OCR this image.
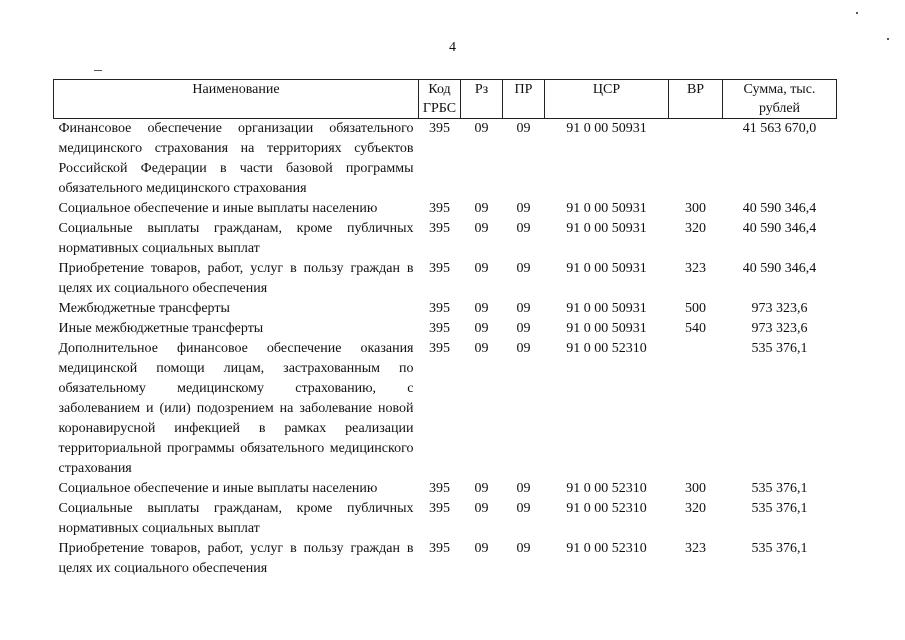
4
Наименование	Код ГРБС	Рз	ПР	ЦСР	ВР	Сумма, тыс. рублей
Финансовое обеспечение организации обязательного медицинского страхования на территориях субъектов Российской Федерации в части базовой программы обязательного медицинского страхования	395	09	09	91 0 00 50931		41 563 670,0
Социальное обеспечение и иные выплаты населению	395	09	09	91 0 00 50931	300	40 590 346,4
Социальные выплаты гражданам, кроме публичных нормативных социальных выплат	395	09	09	91 0 00 50931	320	40 590 346,4
Приобретение товаров, работ, услуг в пользу граждан в целях их социального обеспечения	395	09	09	91 0 00 50931	323	40 590 346,4
Межбюджетные трансферты	395	09	09	91 0 00 50931	500	973 323,6
Иные межбюджетные трансферты	395	09	09	91 0 00 50931	540	973 323,6
Дополнительное финансовое обеспечение оказания медицинской помощи лицам, застрахованным по обязательному медицинскому страхованию, с заболеванием и (или) подозрением на заболевание новой коронавирусной инфекцией в рамках реализации территориальной программы обязательного медицинского страхования	395	09	09	91 0 00 52310		535 376,1
Социальное обеспечение и иные выплаты населению	395	09	09	91 0 00 52310	300	535 376,1
Социальные выплаты гражданам, кроме публичных нормативных социальных выплат	395	09	09	91 0 00 52310	320	535 376,1
Приобретение товаров, работ, услуг в пользу граждан в целях их социального обеспечения	395	09	09	91 0 00 52310	323	535 376,1
